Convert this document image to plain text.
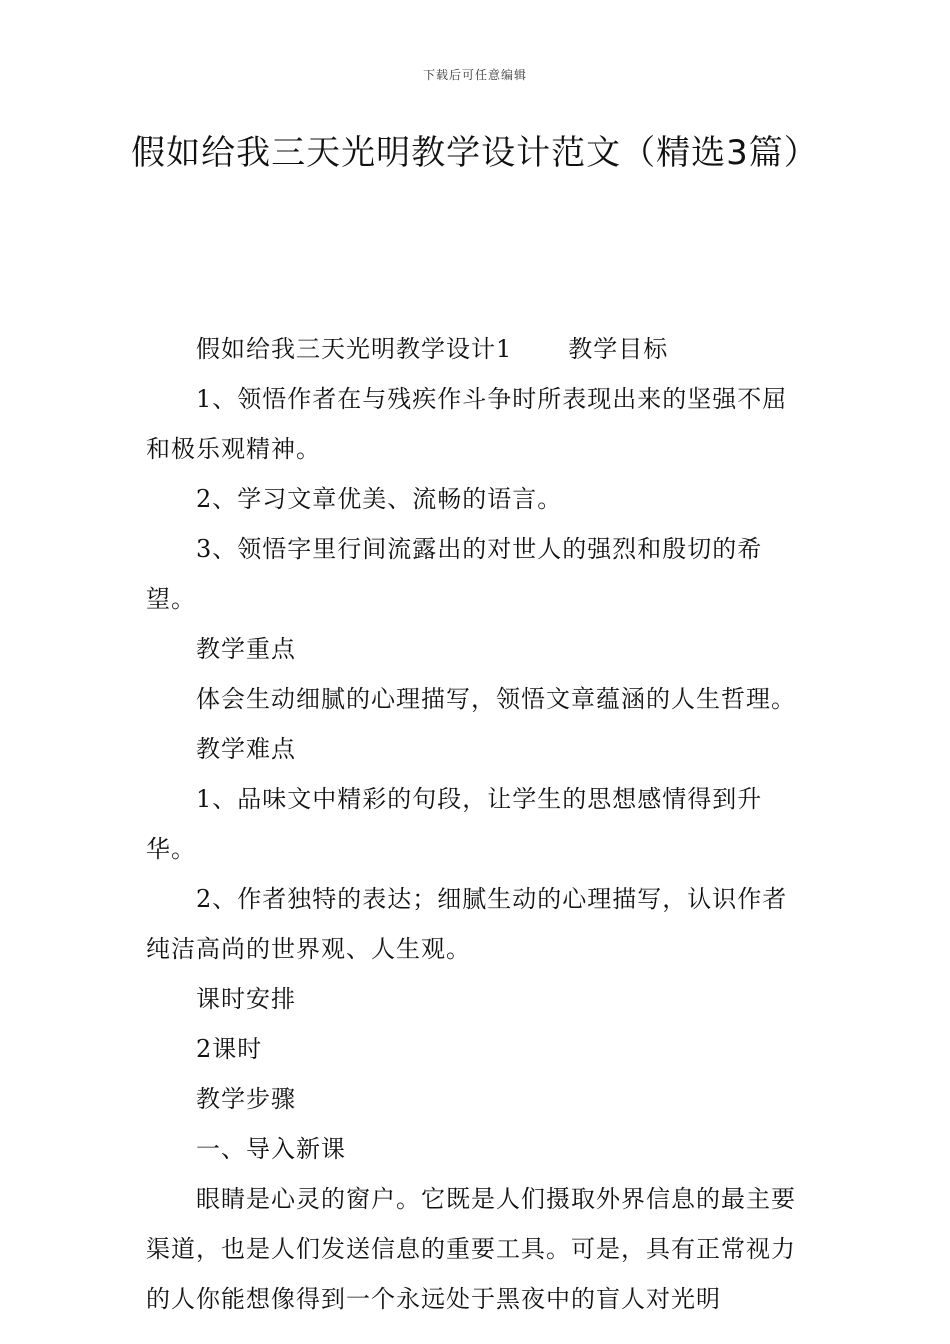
下载后可任意编辑
假如给我三天光明教学设计范文（精选3篇）

假如给我三天光明教学设计1 教学目标

1、领悟作者在与残疾作斗争时所表现出来的坚强不屈和极乐观精神。

2、学习文章优美、流畅的语言。

3、领悟字里行间流露出的对世人的强烈和殷切的希望。

教学重点

体会生动细腻的心理描写，领悟文章蕴涵的人生哲理。

教学难点

1、品味文中精彩的句段，让学生的思想感情得到升华。

2、作者独特的表达；细腻生动的心理描写，认识作者纯洁高尚的世界观、人生观。

课时安排

2课时

教学步骤

一、导入新课

眼睛是心灵的窗户。它既是人们摄取外界信息的最主要渠道，也是人们发送信息的重要工具。可是，具有正常视力的人你能想像得到一个永远处于黑夜中的盲人对光明
